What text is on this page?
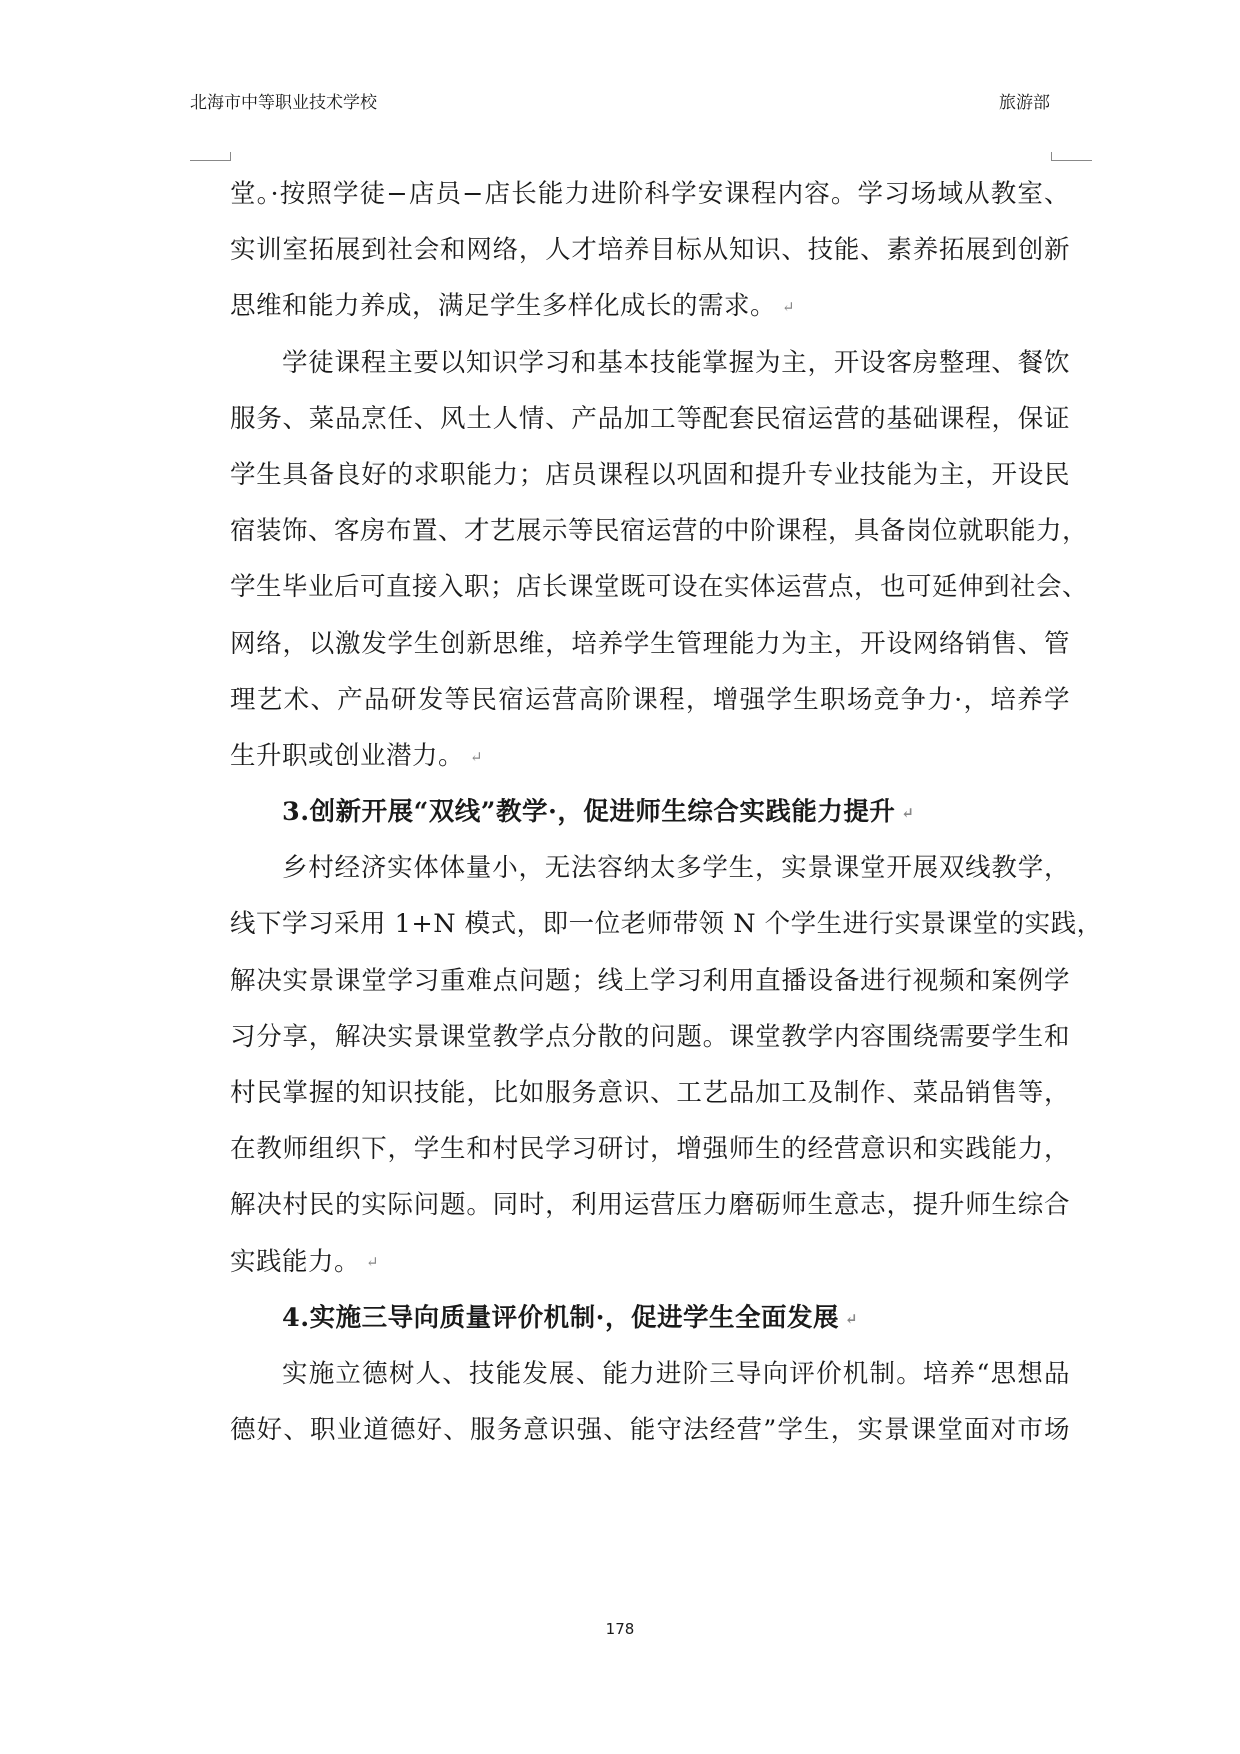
北海市中等职业技术学校	旅游部
堂。·按照学徒−店员−店长能力进阶科学安课程内容。学习场域从教室、
实训室拓展到社会和网络，人才培养目标从知识、技能、素养拓展到创新
思维和能力养成，满足学生多样化成长的需求。 ↵
学徒课程主要以知识学习和基本技能掌握为主，开设客房整理、餐饮
服务、菜品烹任、风土人情、产品加工等配套民宿运营的基础课程，保证
学生具备良好的求职能力；店员课程以巩固和提升专业技能为主，开设民
宿装饰、客房布置、才艺展示等民宿运营的中阶课程，具备岗位就职能力，
学生毕业后可直接入职；店长课堂既可设在实体运营点，也可延伸到社会、
网络，以激发学生创新思维，培养学生管理能力为主，开设网络销售、管
理艺术、产品研发等民宿运营高阶课程，增强学生职场竞争力·，培养学
生升职或创业潜力。 ↵
3.创新开展“双线”教学·，促进师生综合实践能力提升 ↵
乡村经济实体体量小，无法容纳太多学生，实景课堂开展双线教学，
线下学习采用 1+N 模式，即一位老师带领 N 个学生进行实景课堂的实践，
解决实景课堂学习重难点问题；线上学习利用直播设备进行视频和案例学
习分享，解决实景课堂教学点分散的问题。课堂教学内容围绕需要学生和
村民掌握的知识技能，比如服务意识、工艺品加工及制作、菜品销售等，
在教师组织下，学生和村民学习研讨，增强师生的经营意识和实践能力，
解决村民的实际问题。同时，利用运营压力磨砺师生意志，提升师生综合
实践能力。 ↵
4.实施三导向质量评价机制·，促进学生全面发展 ↵
实施立德树人、技能发展、能力进阶三导向评价机制。培养“思想品
德好、职业道德好、服务意识强、能守法经营”学生，实景课堂面对市场
178
